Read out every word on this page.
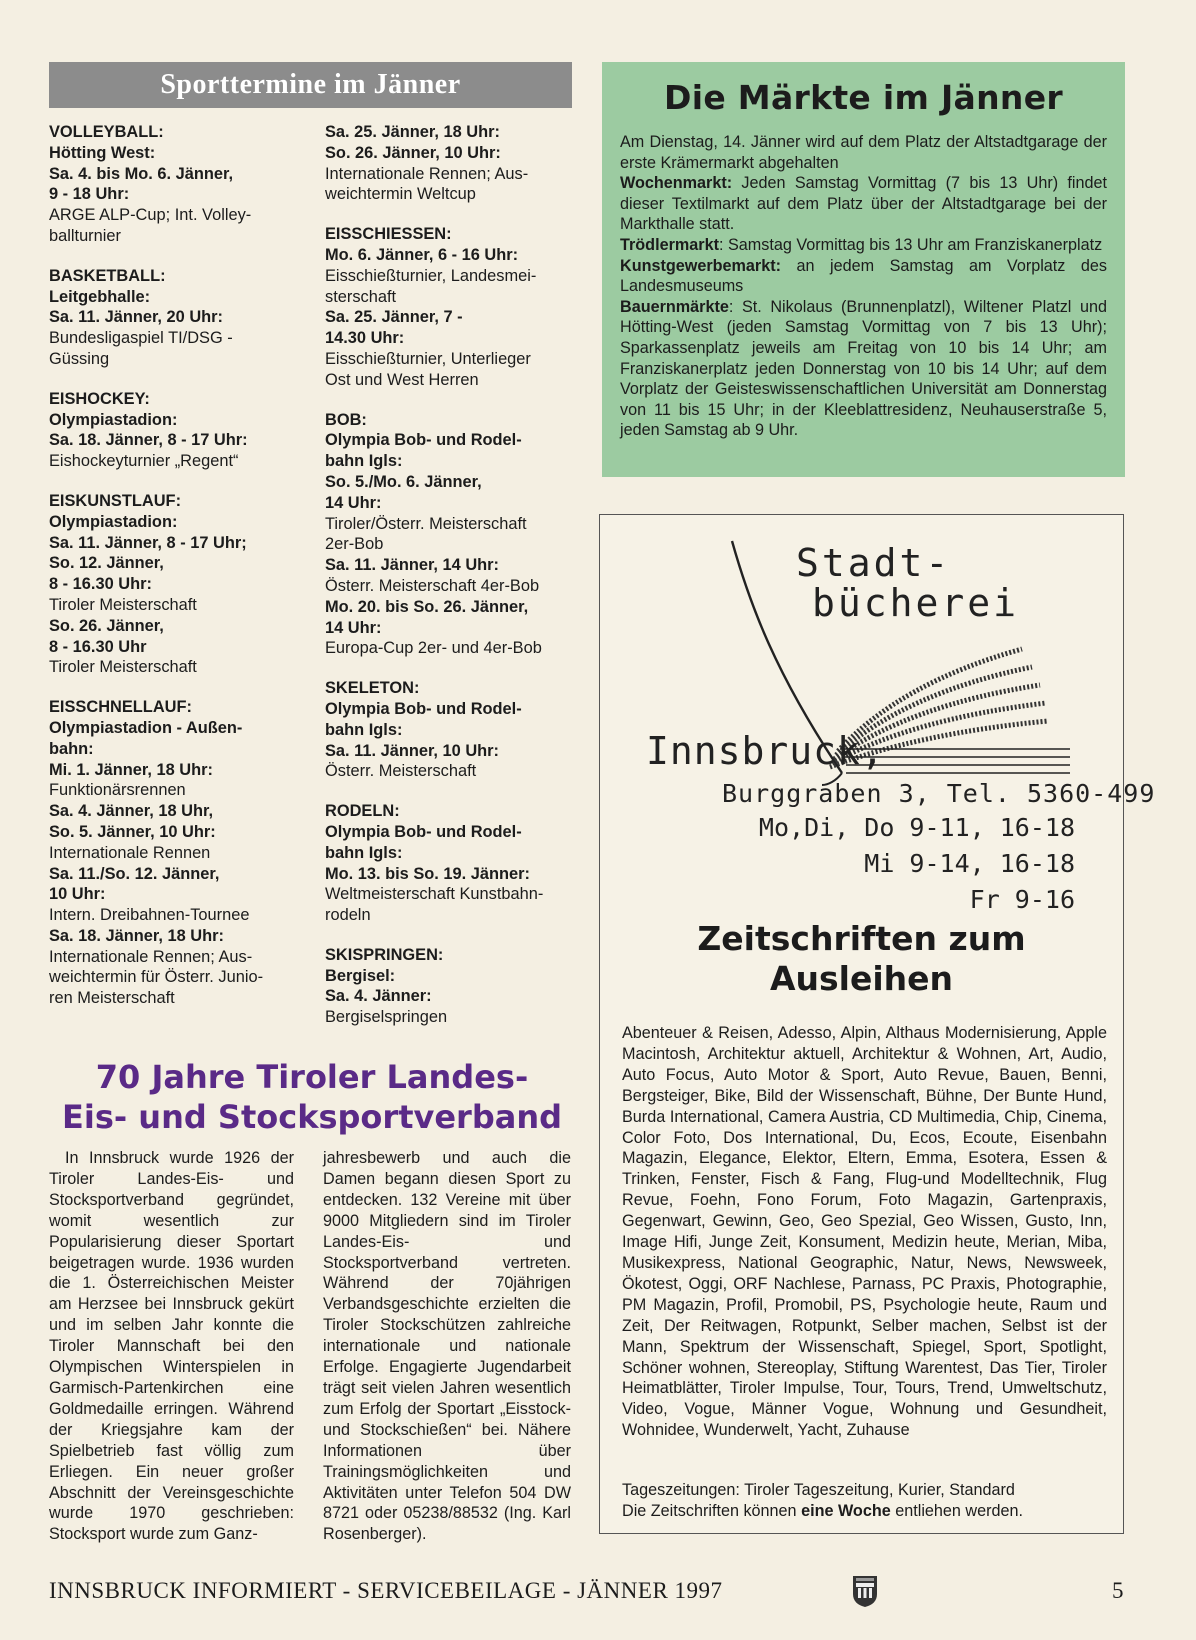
Sporttermine im Jänner
VOLLEYBALL:
Hötting West:
Sa. 4. bis Mo. 6. Jänner,
9 - 18 Uhr:
ARGE ALP-Cup; Int. Volley-
ballturnier
BASKETBALL:
Leitgebhalle:
Sa. 11. Jänner, 20 Uhr:
Bundesligaspiel TI/DSG -
Güssing
EISHOCKEY:
Olympiastadion:
Sa. 18. Jänner, 8 - 17 Uhr:
Eishockeyturnier „Regent“
EISKUNSTLAUF:
Olympiastadion:
Sa. 11. Jänner, 8 - 17 Uhr;
So. 12. Jänner,
8 - 16.30 Uhr:
Tiroler Meisterschaft
So. 26. Jänner,
8 - 16.30 Uhr
Tiroler Meisterschaft
EISSCHNELLAUF:
Olympiastadion - Außen-
bahn:
Mi. 1. Jänner, 18 Uhr:
Funktionärsrennen
Sa. 4. Jänner, 18 Uhr,
So. 5. Jänner, 10 Uhr:
Internationale Rennen
Sa. 11./So. 12. Jänner,
10 Uhr:
Intern. Dreibahnen-Tournee
Sa. 18. Jänner, 18 Uhr:
Internationale Rennen; Aus-
weichtermin für Österr. Junio-
ren Meisterschaft
Sa. 25. Jänner, 18 Uhr:
So. 26. Jänner, 10 Uhr:
Internationale Rennen; Aus-
weichtermin Weltcup
EISSCHIESSEN:
Mo. 6. Jänner, 6 - 16 Uhr:
Eisschießturnier, Landesmei-
sterschaft
Sa. 25. Jänner, 7 -
14.30 Uhr:
Eisschießturnier, Unterlieger
Ost und West Herren
BOB:
Olympia Bob- und Rodel-
bahn Igls:
So. 5./Mo. 6. Jänner,
14 Uhr:
Tiroler/Österr. Meisterschaft
2er-Bob
Sa. 11. Jänner, 14 Uhr:
Österr. Meisterschaft 4er-Bob
Mo. 20. bis So. 26. Jänner,
14 Uhr:
Europa-Cup 2er- und 4er-Bob
SKELETON:
Olympia Bob- und Rodel-
bahn Igls:
Sa. 11. Jänner, 10 Uhr:
Österr. Meisterschaft
RODELN:
Olympia Bob- und Rodel-
bahn Igls:
Mo. 13. bis So. 19. Jänner:
Weltmeisterschaft Kunstbahn-
rodeln
SKISPRINGEN:
Bergisel:
Sa. 4. Jänner:
Bergiselspringen
Die Märkte im Jänner
Am Dienstag, 14. Jänner wird auf dem Platz der Altstadtgarage der erste Krämermarkt abgehalten
Wochenmarkt: Jeden Samstag Vormittag (7 bis 13 Uhr) findet dieser Textilmarkt auf dem Platz über der Altstadtgarage bei der Markthalle statt.
Trödlermarkt: Samstag Vormittag bis 13 Uhr am Franziskanerplatz
Kunstgewerbemarkt: an jedem Samstag am Vorplatz des Landesmuseums
Bauernmärkte: St. Nikolaus (Brunnenplatzl), Wiltener Platzl und Hötting-West (jeden Samstag Vormittag von 7 bis 13 Uhr); Sparkassenplatz jeweils am Freitag von 10 bis 14 Uhr; am Franziskanerplatz jeden Donnerstag von 10 bis 14 Uhr; auf dem Vorplatz der Geisteswissenschaftlichen Universität am Donnerstag von 11 bis 15 Uhr; in der Kleeblattresidenz, Neuhauserstraße 5, jeden Samstag ab 9 Uhr.
Stadt-
bücherei
Innsbruck,
Burggraben 3, Tel. 5360-499
Mo,Di, Do 9-11, 16-18
Mi 9-14, 16-18
Fr 9-16
Zeitschriften zum
Ausleihen
Abenteuer & Reisen, Adesso, Alpin, Althaus Modernisierung, Apple Macintosh, Architektur aktuell, Architektur & Wohnen, Art, Audio, Auto Focus, Auto Motor & Sport, Auto Revue, Bauen, Benni, Bergsteiger, Bike, Bild der Wissenschaft, Bühne, Der Bunte Hund, Burda International, Camera Austria, CD Multimedia, Chip, Cinema, Color Foto, Dos International, Du, Ecos, Ecoute, Eisenbahn Magazin, Elegance, Elektor, Eltern, Emma, Esotera, Essen & Trinken, Fenster, Fisch & Fang, Flug-und Modelltechnik, Flug Revue, Foehn, Fono Forum, Foto Magazin, Gartenpraxis, Gegenwart, Gewinn, Geo, Geo Spezial, Geo Wissen, Gusto, Inn, Image Hifi, Junge Zeit, Konsument, Medizin heute, Merian, Miba, Musikexpress, National Geographic, Natur, News, Newsweek, Ökotest, Oggi, ORF Nachlese, Parnass, PC Praxis, Photographie, PM Magazin, Profil, Promobil, PS, Psychologie heute, Raum und Zeit, Der Reitwagen, Rotpunkt, Selber machen, Selbst ist der Mann, Spektrum der Wissenschaft, Spiegel, Sport, Spotlight, Schöner wohnen, Stereoplay, Stiftung Warentest, Das Tier, Tiroler Heimatblätter, Tiroler Impulse, Tour, Tours, Trend, Umweltschutz, Video, Vogue, Männer Vogue, Wohnung und Gesundheit, Wohnidee, Wunderwelt, Yacht, Zuhause
Tageszeitungen: Tiroler Tageszeitung, Kurier, Standard
Die Zeitschriften können eine Woche entliehen werden.
70 Jahre Tiroler Landes-
Eis- und Stocksportverband
In Innsbruck wurde 1926 der Tiroler Landes-Eis- und Stocksportverband gegründet, womit wesentlich zur Popularisierung dieser Sportart beigetragen wurde. 1936 wurden die 1. Österreichischen Meister am Herzsee bei Innsbruck gekürt und im selben Jahr konnte die Tiroler Mannschaft bei den Olympischen Winterspielen in Garmisch-Partenkirchen eine Goldmedaille erringen. Während der Kriegsjahre kam der Spielbetrieb fast völlig zum Erliegen. Ein neuer großer Abschnitt der Vereinsgeschichte wurde 1970 geschrieben: Stocksport wurde zum Ganz-
jahresbewerb und auch die Damen begann diesen Sport zu entdecken. 132 Vereine mit über 9000 Mitgliedern sind im Tiroler Landes-Eis- und Stocksportverband vertreten. Während der 70jährigen Verbandsgeschichte erzielten die Tiroler Stockschützen zahlreiche internationale und nationale Erfolge. Engagierte Jugendarbeit trägt seit vielen Jahren wesentlich zum Erfolg der Sportart „Eisstock- und Stockschießen“ bei. Nähere Informationen über Trainingsmöglichkeiten und Aktivitäten unter Telefon 504 DW 8721 oder 05238/88532 (Ing. Karl Rosenberger).
INNSBRUCK INFORMIERT - SERVICEBEILAGE - JÄNNER 1997	5
